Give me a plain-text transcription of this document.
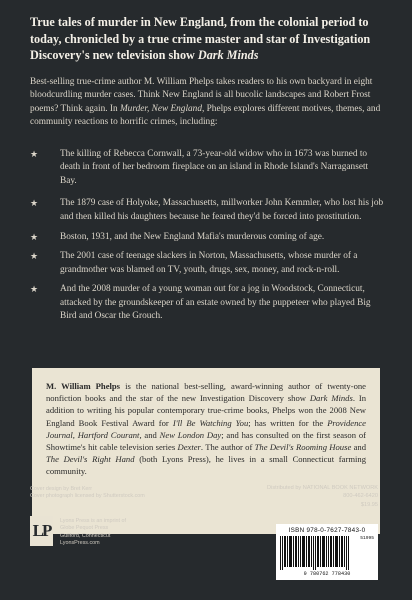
True tales of murder in New England, from the colonial period to today, chronicled by a true crime master and star of Investigation Discovery's new television show Dark Minds
Best-selling true-crime author M. William Phelps takes readers to his own backyard in eight bloodcurdling murder cases. Think New England is all bucolic landscapes and Robert Frost poems? Think again. In Murder, New England, Phelps explores different motives, themes, and community reactions to horrific crimes, including:
★ The killing of Rebecca Cornwall, a 73-year-old widow who in 1673 was burned to death in front of her bedroom fireplace on an island in Rhode Island's Narragansett Bay.
★ The 1879 case of Holyoke, Massachusetts, millworker John Kemmler, who lost his job and then killed his daughters because he feared they'd be forced into prostitution.
★ Boston, 1931, and the New England Mafia's murderous coming of age.
★ The 2001 case of teenage slackers in Norton, Massachusetts, whose murder of a grandmother was blamed on TV, youth, drugs, sex, money, and rock-n-roll.
★ And the 2008 murder of a young woman out for a jog in Woodstock, Connecticut, attacked by the groundskeeper of an estate owned by the puppeteer who played Big Bird and Oscar the Grouch.
M. William Phelps is the national best-selling, award-winning author of twenty-one nonfiction books and the star of the new Investigation Discovery show Dark Minds. In addition to writing his popular contemporary true-crime books, Phelps won the 2008 New England Book Festival Award for I'll Be Watching You; has written for the Providence Journal, Hartford Courant, and New London Day; and has consulted on the first season of Showtime's hit cable television series Dexter. The author of The Devil's Rooming House and The Devil's Right Hand (both Lyons Press), he lives in a small Connecticut farming community.
Cover design by Bret Kerr
Cover photograph licensed by Shutterstock.com
Distributed by NATIONAL BOOK NETWORK
800-462-6420
$19.95
LP	Lyons Press is an imprint of
Globe Pequot Press
Guilford, Connecticut
LyonsPress.com
ISBN 978-0-7627-7843-0
51995
9 780762 778430
